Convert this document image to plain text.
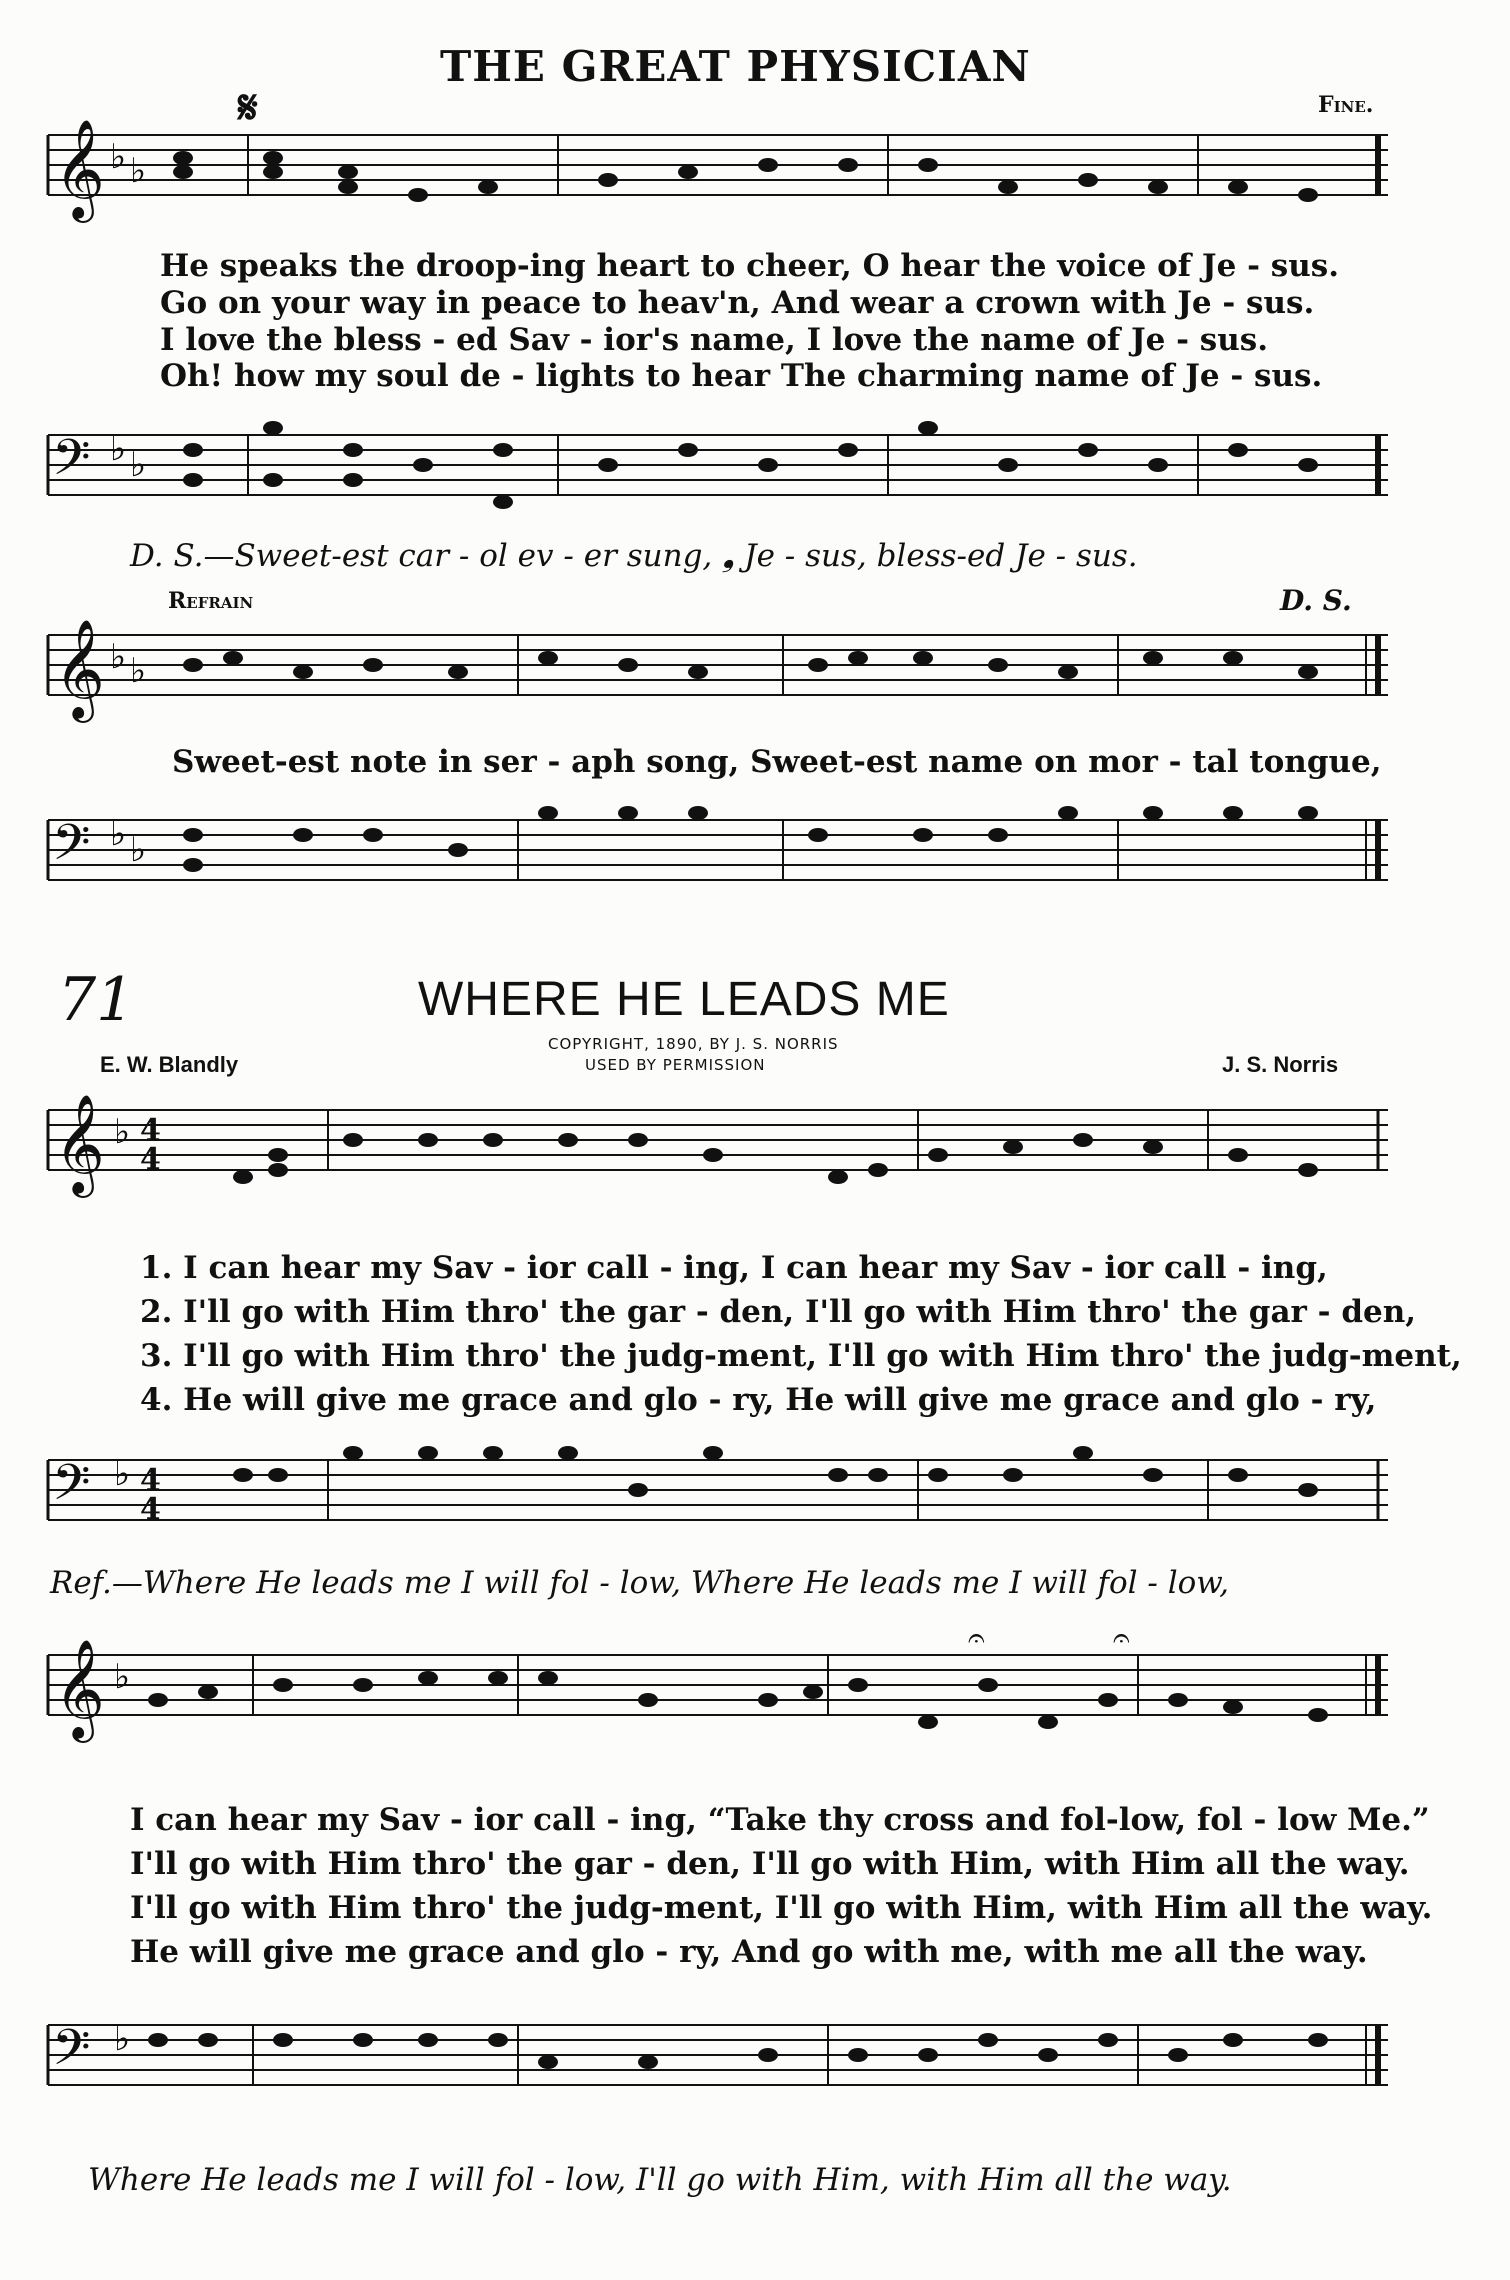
THE GREAT PHYSICIAN
𝄋	Fine.
𝄞 ♭ ♭
He speaks the droop-ing heart to cheer, O hear the voice of Je - sus.
Go on your way in peace to heav'n, And wear a crown with Je - sus.
I love the bless - ed Sav - ior's name, I love the name of Je - sus.
Oh! how my soul de - lights to hear The charming name of Je - sus.
𝄢 ♭ ♭
D. S.—Sweet-est car - ol ev - er sung, ❟ Je - sus, bless-ed Je - sus.
Refrain	D. S.
𝄞 ♭ ♭
Sweet-est note in ser - aph song, Sweet-est name on mor - tal tongue,
𝄢 ♭ ♭
71	WHERE HE LEADS ME
COPYRIGHT, 1890, BY J. S. NORRIS
USED BY PERMISSION
E. W. Blandly	J. S. Norris
𝄞 ♭ 4
4
1. I can hear my Sav - ior call - ing, I can hear my Sav - ior call - ing,
2. I'll go with Him thro' the gar - den, I'll go with Him thro' the gar - den,
3. I'll go with Him thro' the judg-ment, I'll go with Him thro' the judg-ment,
4. He will give me grace and glo - ry, He will give me grace and glo - ry,
𝄢 ♭ 4
4
Ref.—Where He leads me I will fol - low, Where He leads me I will fol - low,
𝄞 ♭
𝄐	𝄐
I can hear my Sav - ior call - ing, “Take thy cross and fol-low, fol - low Me.”
I'll go with Him thro' the gar - den, I'll go with Him, with Him all the way.
I'll go with Him thro' the judg-ment, I'll go with Him, with Him all the way.
He will give me grace and glo - ry, And go with me, with me all the way.
𝄢 ♭
Where He leads me I will fol - low, I'll go with Him, with Him all the way.
